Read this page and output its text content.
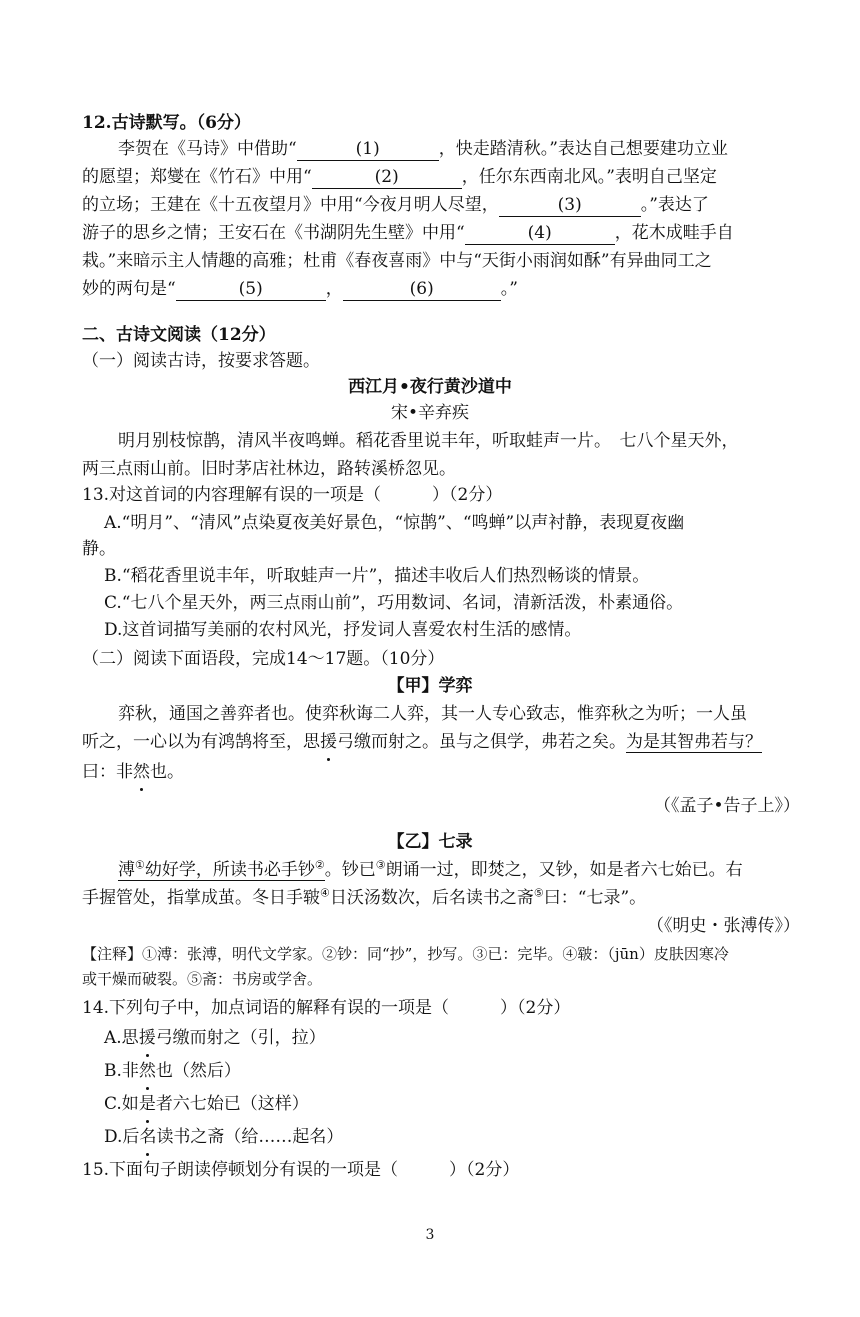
12.古诗默写。（6分）
李贺在《马诗》中借助“	(1)	，快走踏清秋。”表达自己想要建功立业
的愿望；郑燮在《竹石》中用“	(2)	，任尔东西南北风。”表明自己坚定
的立场；王建在《十五夜望月》中用“今夜月明人尽望，	(3)	。”表达了
游子的思乡之情；王安石在《书湖阴先生壁》中用“	(4)	，花木成畦手自
栽。”来暗示主人情趣的高雅；杜甫《春夜喜雨》中与“天街小雨润如酥”有异曲同工之
妙的两句是“	(5)	，	(6)	。”
二、古诗文阅读（12分）
（一）阅读古诗，按要求答题。
西江月•夜行黄沙道中
宋•辛弃疾
明月别枝惊鹊，清风半夜鸣蝉。稻花香里说丰年，听取蛙声一片。　七八个星天外，
两三点雨山前。旧时茅店社林边，路转溪桥忽见。
13.对这首词的内容理解有误的一项是（　　　）（2分）
A.“明月”、“清风”点染夏夜美好景色，“惊鹊”、“鸣蝉”以声衬静，表现夏夜幽
静。
B.“稻花香里说丰年，听取蛙声一片”，描述丰收后人们热烈畅谈的情景。
C.“七八个星天外，两三点雨山前”，巧用数词、名词，清新活泼，朴素通俗。
D.这首词描写美丽的农村风光，抒发词人喜爱农村生活的感情。
（二）阅读下面语段，完成14～17题。（10分）
【甲】学弈
弈秋，通国之善弈者也。使弈秋诲二人弈，其一人专心致志，惟弈秋之为听；一人虽
听之，一心以为有鸿鹄将至，思援弓缴而射之。虽与之俱学，弗若之矣。为是其智弗若与？
曰：非然也。
（《孟子•告子上》）
【乙】七录
溥①幼好学，所读书必手钞②。钞已③朗诵一过，即焚之，又钞，如是者六七始已。右
手握管处，指掌成茧。冬日手皲④日沃汤数次，后名读书之斋⑤曰：“七录”。
（《明史・张溥传》）
【注释】①溥：张溥，明代文学家。②钞：同“抄”，抄写。③已：完毕。④皲：（jūn）皮肤因寒冷
或干燥而破裂。⑤斋：书房或学舍。
14.下列句子中，加点词语的解释有误的一项是（　　　）（2分）
A.思援弓缴而射之（引，拉）
B.非然也（然后）
C.如是者六七始已（这样）
D.后名读书之斋（给……起名）
15.下面句子朗读停顿划分有误的一项是（　　　）（2分）
3
